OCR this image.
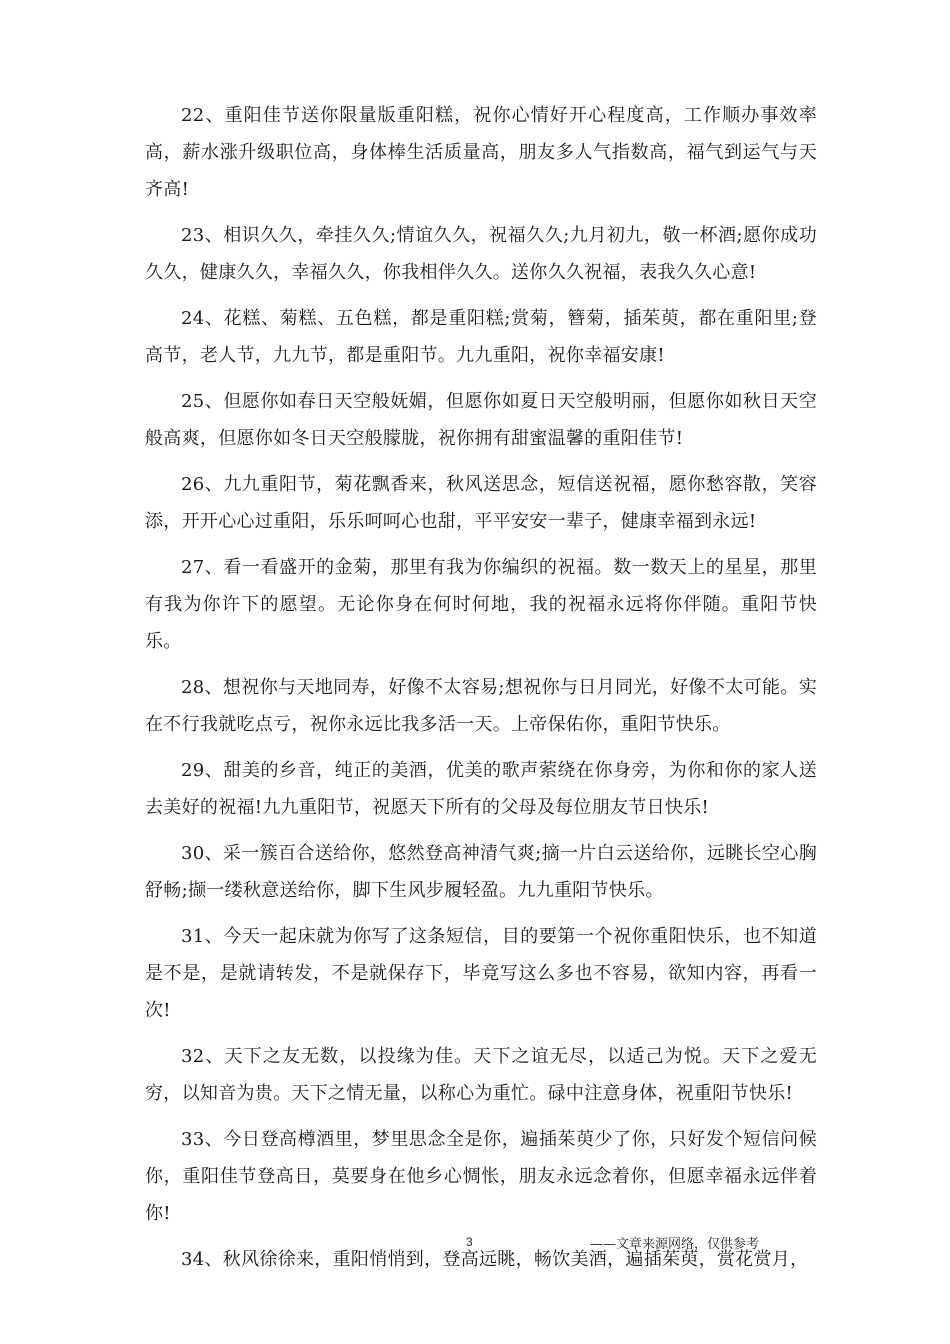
22、重阳佳节送你限量版重阳糕，祝你心情好开心程度高，工作顺办事效率高，薪水涨升级职位高，身体棒生活质量高，朋友多人气指数高，福气到运气与天齐高!

23、相识久久，牵挂久久;情谊久久，祝福久久;九月初九，敬一杯酒;愿你成功久久，健康久久，幸福久久，你我相伴久久。送你久久祝福，表我久久心意!

24、花糕、菊糕、五色糕，都是重阳糕;赏菊，簪菊，插茱萸，都在重阳里;登高节，老人节，九九节，都是重阳节。九九重阳，祝你幸福安康!

25、但愿你如春日天空般妩媚，但愿你如夏日天空般明丽，但愿你如秋日天空般高爽，但愿你如冬日天空般朦胧，祝你拥有甜蜜温馨的重阳佳节!

26、九九重阳节，菊花飘香来，秋风送思念，短信送祝福，愿你愁容散，笑容添，开开心心过重阳，乐乐呵呵心也甜，平平安安一辈子，健康幸福到永远!

27、看一看盛开的金菊，那里有我为你编织的祝福。数一数天上的星星，那里有我为你许下的愿望。无论你身在何时何地，我的祝福永远将你伴随。重阳节快乐。

28、想祝你与天地同寿，好像不太容易;想祝你与日月同光，好像不太可能。实在不行我就吃点亏，祝你永远比我多活一天。上帝保佑你，重阳节快乐。

29、甜美的乡音，纯正的美酒，优美的歌声萦绕在你身旁，为你和你的家人送去美好的祝福!九九重阳节，祝愿天下所有的父母及每位朋友节日快乐!

30、采一簇百合送给你，悠然登高神清气爽;摘一片白云送给你，远眺长空心胸舒畅;撷一缕秋意送给你，脚下生风步履轻盈。九九重阳节快乐。

31、今天一起床就为你写了这条短信，目的要第一个祝你重阳快乐，也不知道是不是，是就请转发，不是就保存下，毕竟写这么多也不容易，欲知内容，再看一次!

32、天下之友无数，以投缘为佳。天下之谊无尽，以适己为悦。天下之爱无穷，以知音为贵。天下之情无量，以称心为重忙。碌中注意身体，祝重阳节快乐!

33、今日登高樽酒里，梦里思念全是你，遍插茱萸少了你，只好发个短信问候你，重阳佳节登高日，莫要身在他乡心惆怅，朋友永远念着你，但愿幸福永远伴着你!

34、秋风徐徐来，重阳悄悄到，登高远眺，畅饮美酒，遍插茱萸，赏花赏月，

3	——文章来源网络，仅供参考
